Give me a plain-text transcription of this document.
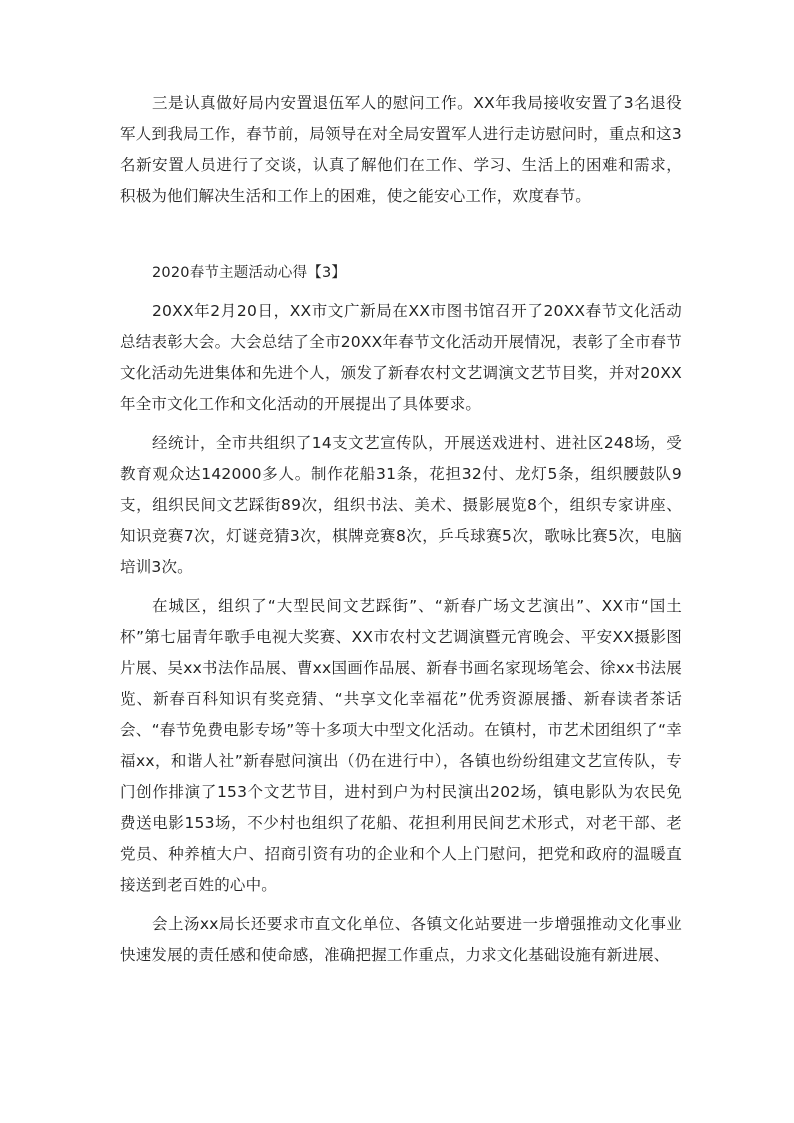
三是认真做好局内安置退伍军人的慰问工作。XX年我局接收安置了3名退役军人到我局工作，春节前，局领导在对全局安置军人进行走访慰问时，重点和这3名新安置人员进行了交谈，认真了解他们在工作、学习、生活上的困难和需求，积极为他们解决生活和工作上的困难，使之能安心工作，欢度春节。

2020春节主题活动心得【3】

20XX年2月20日，XX市文广新局在XX市图书馆召开了20XX春节文化活动总结表彰大会。大会总结了全市20XX年春节文化活动开展情况，表彰了全市春节文化活动先进集体和先进个人，颁发了新春农村文艺调演文艺节目奖，并对20XX年全市文化工作和文化活动的开展提出了具体要求。

经统计，全市共组织了14支文艺宣传队，开展送戏进村、进社区248场，受教育观众达142000多人。制作花船31条，花担32付、龙灯5条，组织腰鼓队9支，组织民间文艺踩街89次，组织书法、美术、摄影展览8个，组织专家讲座、知识竞赛7次，灯谜竞猜3次，棋牌竞赛8次，乒乓球赛5次，歌咏比赛5次，电脑培训3次。

在城区，组织了“大型民间文艺踩街”、“新春广场文艺演出”、XX市“国土杯”第七届青年歌手电视大奖赛、XX市农村文艺调演暨元宵晚会、平安XX摄影图片展、吴xx书法作品展、曹xx国画作品展、新春书画名家现场笔会、徐xx书法展览、新春百科知识有奖竞猜、“共享文化幸福花”优秀资源展播、新春读者茶话会、“春节免费电影专场”等十多项大中型文化活动。在镇村，市艺术团组织了“幸福xx，和谐人社”新春慰问演出（仍在进行中），各镇也纷纷组建文艺宣传队，专门创作排演了153个文艺节目，进村到户为村民演出202场，镇电影队为农民免费送电影153场，不少村也组织了花船、花担利用民间艺术形式，对老干部、老党员、种养植大户、招商引资有功的企业和个人上门慰问，把党和政府的温暖直接送到老百姓的心中。

会上汤xx局长还要求市直文化单位、各镇文化站要进一步增强推动文化事业快速发展的责任感和使命感，准确把握工作重点，力求文化基础设施有新进展、
